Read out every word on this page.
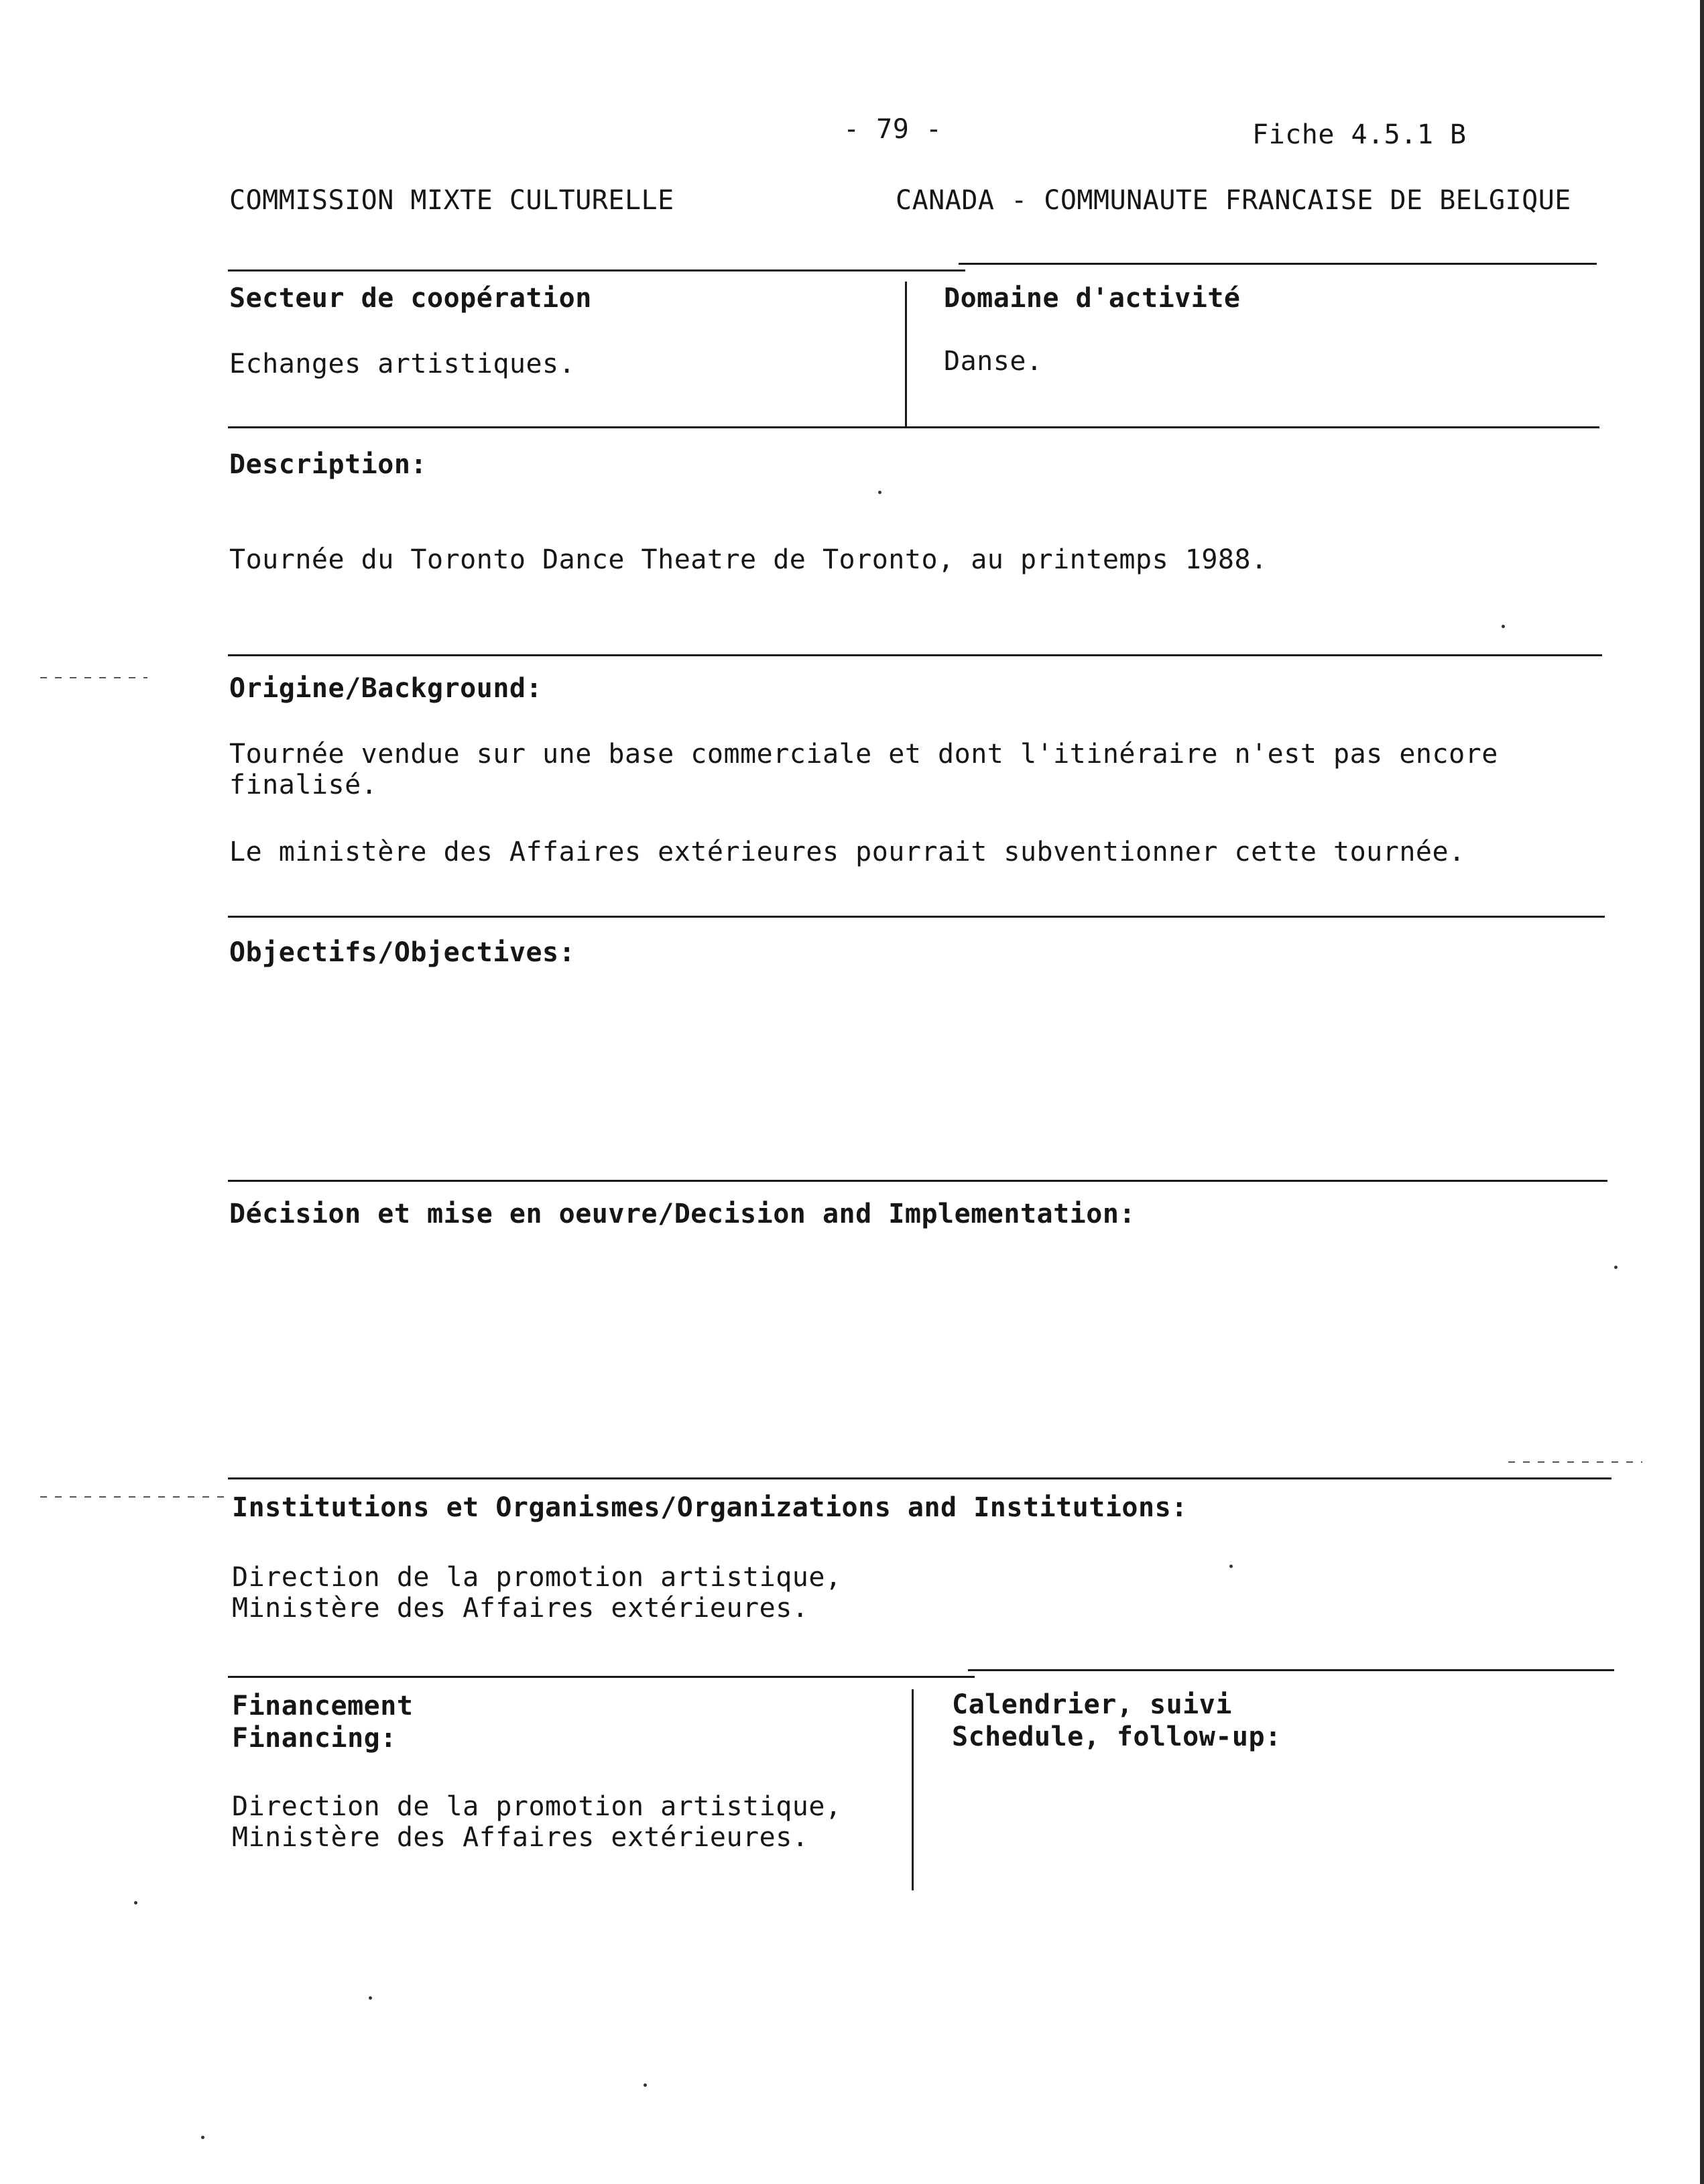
- 79 -	Fiche 4.5.1 B
COMMISSION MIXTE CULTURELLE	CANADA - COMMUNAUTE FRANCAISE DE BELGIQUE
Secteur de coopération
Echanges artistiques.
Domaine d'activité
Danse.
Description:
Tournée du Toronto Dance Theatre de Toronto, au printemps 1988.
Origine/Background:
Tournée vendue sur une base commerciale et dont l'itinéraire n'est pas encore
finalisé.
Le ministère des Affaires extérieures pourrait subventionner cette tournée.
Objectifs/Objectives:
Décision et mise en oeuvre/Decision and Implementation:
Institutions et Organismes/Organizations and Institutions:
Direction de la promotion artistique,
Ministère des Affaires extérieures.
Financement
Financing:
Direction de la promotion artistique,
Ministère des Affaires extérieures.
Calendrier, suivi
Schedule, follow-up:
